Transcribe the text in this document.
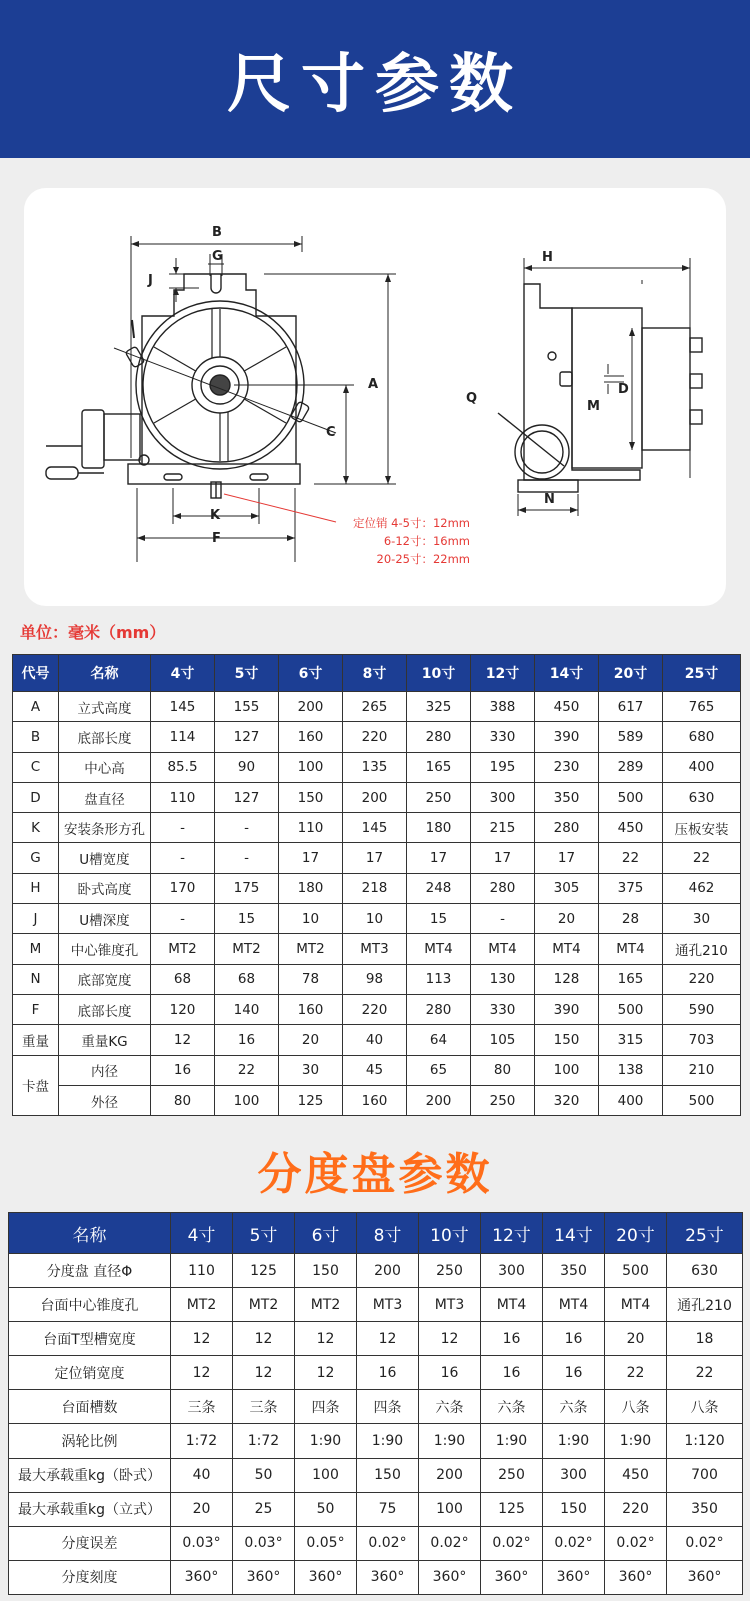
尺寸参数
B
G
J
A
C
K
F
H
Q
D
M
N
定位销 4-5寸：12mm
6-12寸：16mm
20-25寸：22mm
单位：毫米（mm）
代号	名称	4寸	5寸	6寸	8寸	10寸	12寸	14寸	20寸	25寸
A	立式高度	145	155	200	265	325	388	450	617	765
B	底部长度	114	127	160	220	280	330	390	589	680
C	中心高	85.5	90	100	135	165	195	230	289	400
D	盘直径	110	127	150	200	250	300	350	500	630
K	安装条形方孔	-	-	110	145	180	215	280	450	压板安装
G	U槽宽度	-	-	17	17	17	17	17	22	22
H	卧式高度	170	175	180	218	248	280	305	375	462
J	U槽深度	-	15	10	10	15	-	20	28	30
M	中心锥度孔	MT2	MT2	MT2	MT3	MT4	MT4	MT4	MT4	通孔210
N	底部宽度	68	68	78	98	113	130	128	165	220
F	底部长度	120	140	160	220	280	330	390	500	590
重量	重量KG	12	16	20	40	64	105	150	315	703
卡盘	内径	16	22	30	45	65	80	100	138	210
	外径	80	100	125	160	200	250	320	400	500
分度盘参数
名称	4寸	5寸	6寸	8寸	10寸	12寸	14寸	20寸	25寸
分度盘 直径Φ	110	125	150	200	250	300	350	500	630
台面中心锥度孔	MT2	MT2	MT2	MT3	MT3	MT4	MT4	MT4	通孔210
台面T型槽宽度	12	12	12	12	12	16	16	20	18
定位销宽度	12	12	12	16	16	16	16	22	22
台面槽数	三条	三条	四条	四条	六条	六条	六条	八条	八条
涡轮比例	1:72	1:72	1:90	1:90	1:90	1:90	1:90	1:90	1:120
最大承载重kg（卧式）	40	50	100	150	200	250	300	450	700
最大承载重kg（立式）	20	25	50	75	100	125	150	220	350
分度误差	0.03°	0.03°	0.05°	0.02°	0.02°	0.02°	0.02°	0.02°	0.02°
分度刻度	360°	360°	360°	360°	360°	360°	360°	360°	360°
